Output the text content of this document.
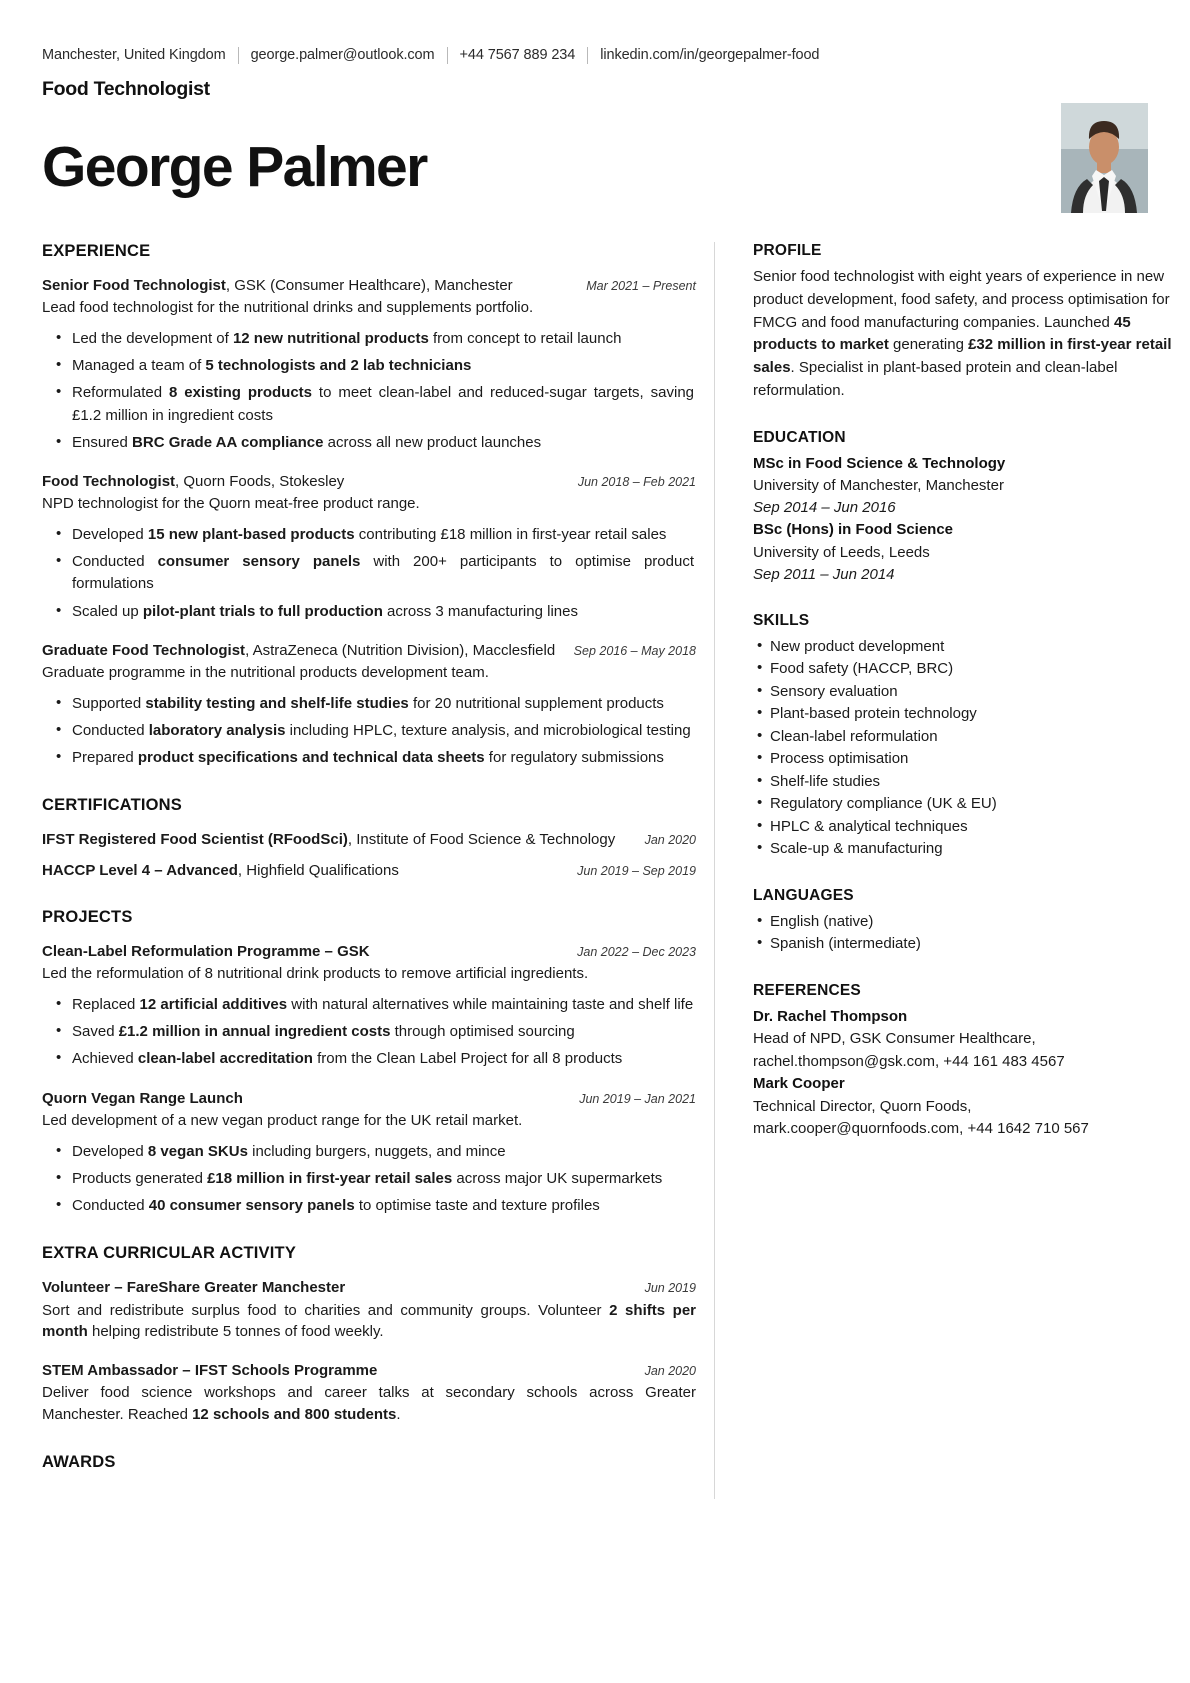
Manchester, United Kingdom george.palmer@outlook.com +44 7567 889 234 linkedin.com/in/georgepalmer-food
Food Technologist
George Palmer
EXPERIENCE
Senior Food Technologist, GSK (Consumer Healthcare), Manchester	Mar 2021 – Present
Lead food technologist for the nutritional drinks and supplements portfolio.
• Led the development of 12 new nutritional products from concept to retail launch
• Managed a team of 5 technologists and 2 lab technicians
• Reformulated 8 existing products to meet clean-label and reduced-sugar targets, saving £1.2 million in ingredient costs
• Ensured BRC Grade AA compliance across all new product launches
Food Technologist, Quorn Foods, Stokesley	Jun 2018 – Feb 2021
NPD technologist for the Quorn meat-free product range.
• Developed 15 new plant-based products contributing £18 million in first-year retail sales
• Conducted consumer sensory panels with 200+ participants to optimise product formulations
• Scaled up pilot-plant trials to full production across 3 manufacturing lines
Graduate Food Technologist, AstraZeneca (Nutrition Division), Macclesfield	Sep 2016 – May 2018
Graduate programme in the nutritional products development team.
• Supported stability testing and shelf-life studies for 20 nutritional supplement products
• Conducted laboratory analysis including HPLC, texture analysis, and microbiological testing
• Prepared product specifications and technical data sheets for regulatory submissions
CERTIFICATIONS
IFST Registered Food Scientist (RFoodSci), Institute of Food Science & Technology	Jan 2020
HACCP Level 4 – Advanced, Highfield Qualifications	Jun 2019 – Sep 2019
PROJECTS
Clean-Label Reformulation Programme – GSK	Jan 2022 – Dec 2023
Led the reformulation of 8 nutritional drink products to remove artificial ingredients.
• Replaced 12 artificial additives with natural alternatives while maintaining taste and shelf life
• Saved £1.2 million in annual ingredient costs through optimised sourcing
• Achieved clean-label accreditation from the Clean Label Project for all 8 products
Quorn Vegan Range Launch	Jun 2019 – Jan 2021
Led development of a new vegan product range for the UK retail market.
• Developed 8 vegan SKUs including burgers, nuggets, and mince
• Products generated £18 million in first-year retail sales across major UK supermarkets
• Conducted 40 consumer sensory panels to optimise taste and texture profiles
EXTRA CURRICULAR ACTIVITY
Volunteer – FareShare Greater Manchester	Jun 2019
Sort and redistribute surplus food to charities and community groups. Volunteer 2 shifts per month helping redistribute 5 tonnes of food weekly.
STEM Ambassador – IFST Schools Programme	Jan 2020
Deliver food science workshops and career talks at secondary schools across Greater Manchester. Reached 12 schools and 800 students.
AWARDS
PROFILE
Senior food technologist with eight years of experience in new product development, food safety, and process optimisation for FMCG and food manufacturing companies. Launched 45 products to market generating £32 million in first-year retail sales. Specialist in plant-based protein and clean-label reformulation.
EDUCATION
MSc in Food Science & Technology
University of Manchester, Manchester
Sep 2014 – Jun 2016
BSc (Hons) in Food Science
University of Leeds, Leeds
Sep 2011 – Jun 2014
SKILLS
• New product development
• Food safety (HACCP, BRC)
• Sensory evaluation
• Plant-based protein technology
• Clean-label reformulation
• Process optimisation
• Shelf-life studies
• Regulatory compliance (UK & EU)
• HPLC & analytical techniques
• Scale-up & manufacturing
LANGUAGES
• English (native)
• Spanish (intermediate)
REFERENCES
Dr. Rachel Thompson
Head of NPD, GSK Consumer Healthcare, rachel.thompson@gsk.com, +44 161 483 4567
Mark Cooper
Technical Director, Quorn Foods, mark.cooper@quornfoods.com, +44 1642 710 567
